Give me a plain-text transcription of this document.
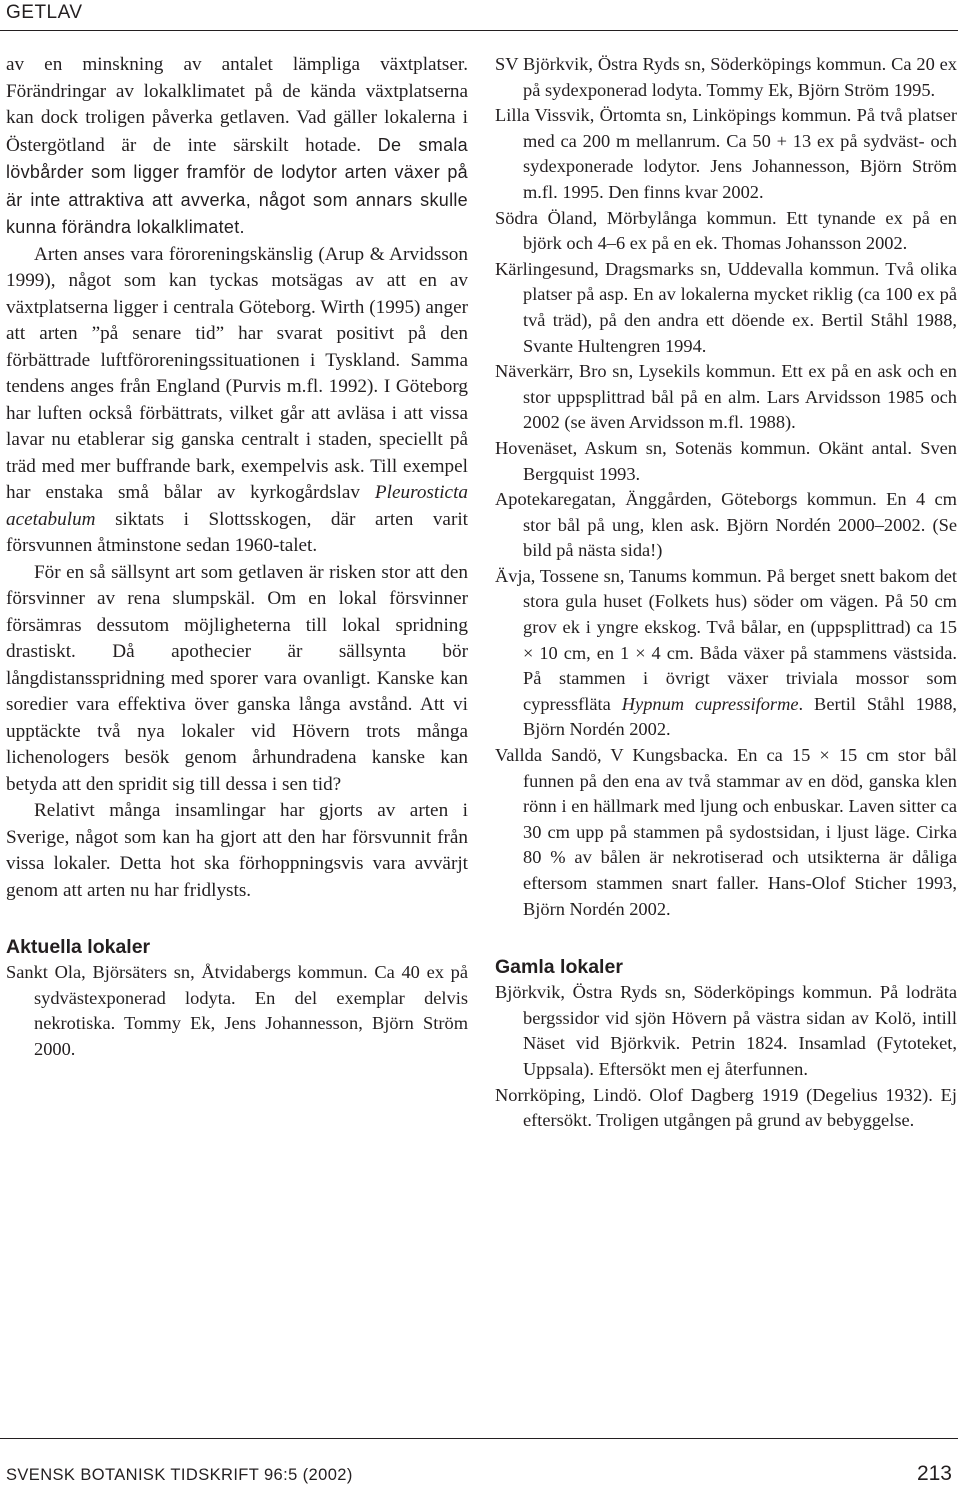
GETLAV

av en minskning av antalet lämpliga växtplatser. Förändringar av lokalklimatet på de kända växtplatserna kan dock troligen påverka getlaven. Vad gäller lokalerna i Östergötland är de inte särskilt hotade. De smala lövbårder som ligger framför de lodytor arten växer på är inte attraktiva att avverka, något som annars skulle kunna förändra lokalklimatet.

Arten anses vara föroreningskänslig (Arup & Arvidsson 1999), något som kan tyckas motsägas av att en av växtplatserna ligger i centrala Göteborg. Wirth (1995) anger att arten ”på senare tid” har svarat positivt på den förbättrade luftföroreningssituationen i Tyskland. Samma tendens anges från England (Purvis m.fl. 1992). I Göteborg har luften också förbättrats, vilket går att avläsa i att vissa lavar nu etablerar sig ganska centralt i staden, speciellt på träd med mer buffrande bark, exempelvis ask. Till exempel har enstaka små bålar av kyrkogårdslav Pleurosticta acetabulum siktats i Slottsskogen, där arten varit försvunnen åtminstone sedan 1960-talet.

För en så sällsynt art som getlaven är risken stor att den försvinner av rena slumpskäl. Om en lokal försvinner försämras dessutom möjligheterna till lokal spridning drastiskt. Då apothecier är sällsynta bör långdistansspridning med sporer vara ovanligt. Kanske kan soredier vara effektiva över ganska långa avstånd. Att vi upptäckte två nya lokaler vid Hövern trots många lichenologers besök genom århundradena kanske kan betyda att den spridit sig till dessa i sen tid?

Relativt många insamlingar har gjorts av arten i Sverige, något som kan ha gjort att den har försvunnit från vissa lokaler. Detta hot ska förhoppningsvis vara avvärjt genom att arten nu har fridlysts.

Aktuella lokaler

Sankt Ola, Björsäters sn, Åtvidabergs kommun. Ca 40 ex på sydvästexponerad lodyta. En del exemplar delvis nekrotiska. Tommy Ek, Jens Johannesson, Björn Ström 2000.

SV Björkvik, Östra Ryds sn, Söderköpings kommun. Ca 20 ex på sydexponerad lodyta. Tommy Ek, Björn Ström 1995.

Lilla Vissvik, Örtomta sn, Linköpings kommun. På två platser med ca 200 m mellanrum. Ca 50 + 13 ex på sydväst- och sydexponerade lodytor. Jens Johannesson, Björn Ström m.fl. 1995. Den finns kvar 2002.

Södra Öland, Mörbylånga kommun. Ett tynande ex på en björk och 4–6 ex på en ek. Thomas Johansson 2002.

Kärlingesund, Dragsmarks sn, Uddevalla kommun. Två olika platser på asp. En av lokalerna mycket riklig (ca 100 ex på två träd), på den andra ett döende ex. Bertil Ståhl 1988, Svante Hultengren 1994.

Näverkärr, Bro sn, Lysekils kommun. Ett ex på en ask och en stor uppsplittrad bål på en alm. Lars Arvidsson 1985 och 2002 (se även Arvidsson m.fl. 1988).

Hovenäset, Askum sn, Sotenäs kommun. Okänt antal. Sven Bergquist 1993.

Apotekaregatan, Änggården, Göteborgs kommun. En 4 cm stor bål på ung, klen ask. Björn Nordén 2000–2002. (Se bild på nästa sida!)

Ävja, Tossene sn, Tanums kommun. På berget snett bakom det stora gula huset (Folkets hus) söder om vägen. På 50 cm grov ek i yngre ekskog. Två bålar, en (uppsplittrad) ca 15 × 10 cm, en 1 × 4 cm. Båda växer på stammens västsida. På stammen i övrigt växer triviala mossor som cypressfläta Hypnum cupressiforme. Bertil Ståhl 1988, Björn Nordén 2002.

Vallda Sandö, V Kungsbacka. En ca 15 × 15 cm stor bål funnen på den ena av två stammar av en död, ganska klen rönn i en hällmark med ljung och enbuskar. Laven sitter ca 30 cm upp på stammen på sydostsidan, i ljust läge. Cirka 80 % av bålen är nekrotiserad och utsikterna är dåliga eftersom stammen snart faller. Hans-Olof Sticher 1993, Björn Nordén 2002.

Gamla lokaler

Björkvik, Östra Ryds sn, Söderköpings kommun. På lodräta bergssidor vid sjön Hövern på västra sidan av Kolö, intill Näset vid Björkvik. Petrin 1824. Insamlad (Fytoteket, Uppsala). Eftersökt men ej återfunnen.

Norrköping, Lindö. Olof Dagberg 1919 (Degelius 1932). Ej eftersökt. Troligen utgången på grund av bebyggelse.

SVENSK BOTANISK TIDSKRIFT 96:5 (2002)	213
